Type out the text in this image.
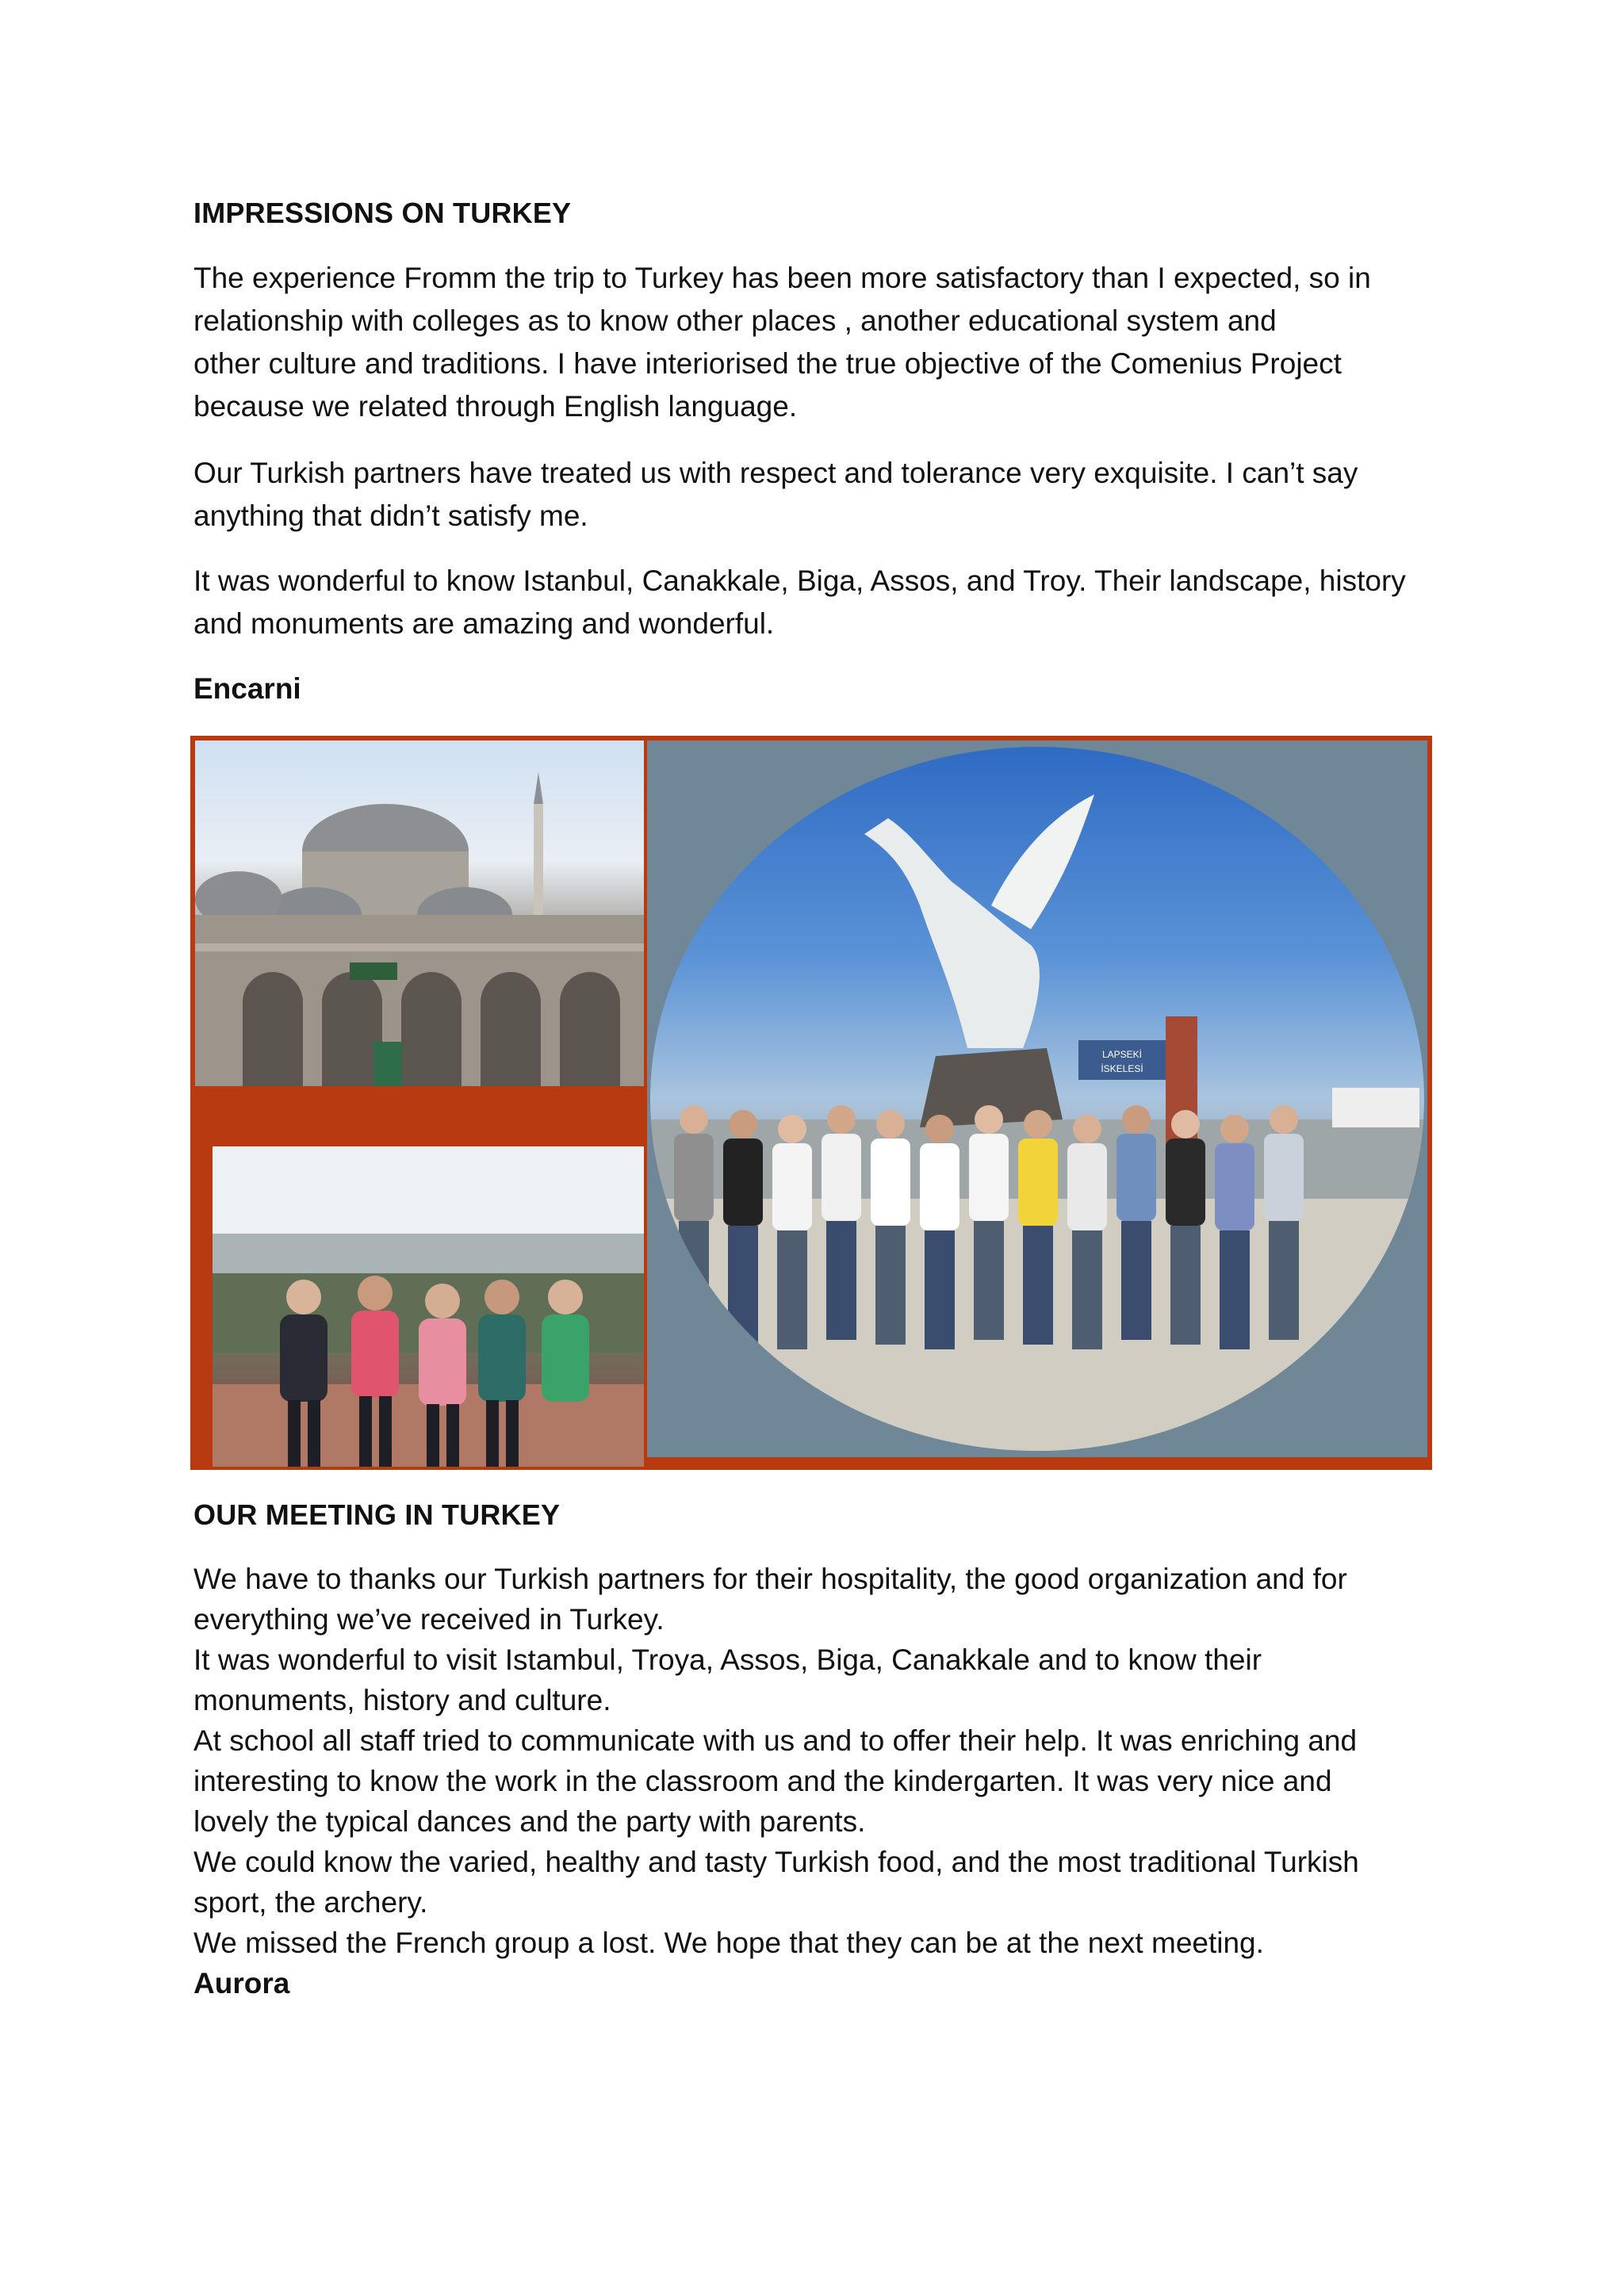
IMPRESSIONS ON TURKEY

The experience Fromm the trip to Turkey has been more satisfactory than I expected, so in

relationship with colleges as to know other places , another educational system and

other culture and traditions. I have interiorised the true objective of the Comenius Project

because we related through English language.

Our Turkish partners have treated us with respect and tolerance very exquisite. I can’t say

anything that didn’t satisfy me.

It was wonderful to know Istanbul, Canakkale, Biga, Assos, and Troy. Their landscape, history

and monuments are amazing and wonderful.

Encarni

LAPSEKİ
İSKELESİ

OUR MEETING IN TURKEY

We have to thanks our Turkish partners for their hospitality, the good organization and for

everything we’ve received in Turkey.

It was wonderful to visit Istambul, Troya, Assos, Biga, Canakkale and to know their

monuments, history and culture.

At school all staff tried to communicate with us and to offer their help. It was enriching and

interesting to know the work in the classroom and the kindergarten. It was very nice and

lovely the typical dances and the party with parents.

We could know the varied, healthy and tasty Turkish food, and the most traditional Turkish

sport, the archery.

We missed the French group a lost. We hope that they can be at the next meeting.

Aurora
